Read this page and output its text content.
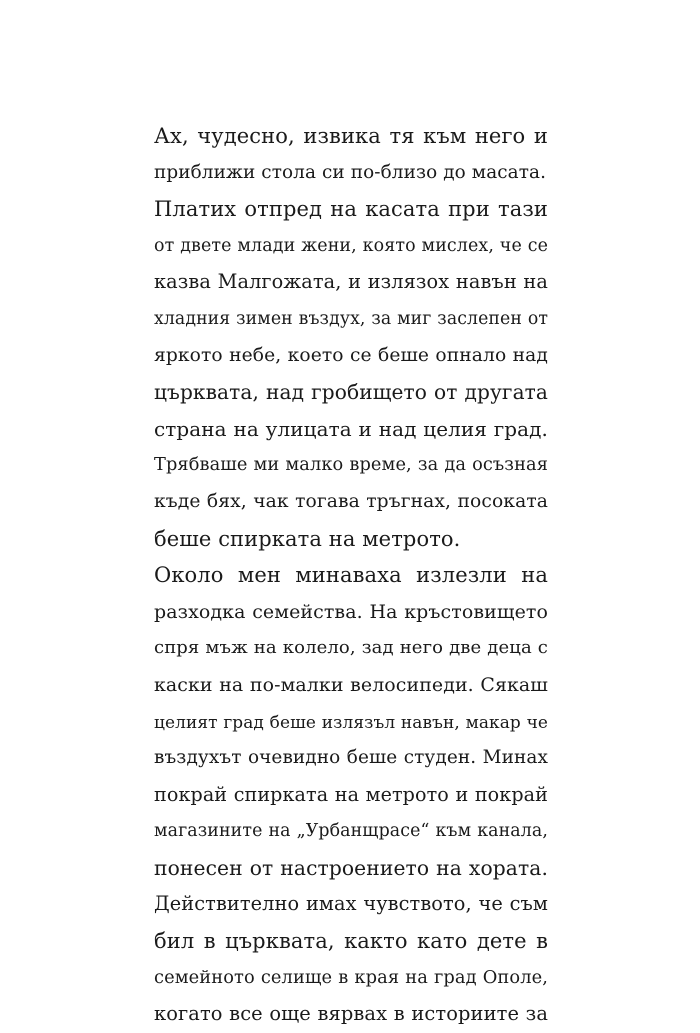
Ах, чудесно, извика тя към него и
приближи стола си по-близо до масата.
Платих отпред на касата при тази
от двете млади жени, която мислех, че се
казва Малгожата, и излязох навън на
хладния зимен въздух, за миг заслепен от
яркото небе, което се беше опнало над
църквата, над гробището от другата
страна на улицата и над целия град.
Трябваше ми малко време, за да осъзная
къде бях, чак тогава тръгнах, посоката
беше спирката на метрото.
Около мен минаваха излезли на
разходка семейства. На кръстовището
спря мъж на колело, зад него две деца с
каски на по-малки велосипеди. Сякаш
целият град беше излязъл навън, макар че
въздухът очевидно беше студен. Минах
покрай спирката на метрото и покрай
магазините на „Урбанщрасе“ към канала,
понесен от настроението на хората.
Действително имах чувството, че съм
бил в църквата, както като дете в
семейното селище в края на град Ополе,
когато все още вярвах в историите за
